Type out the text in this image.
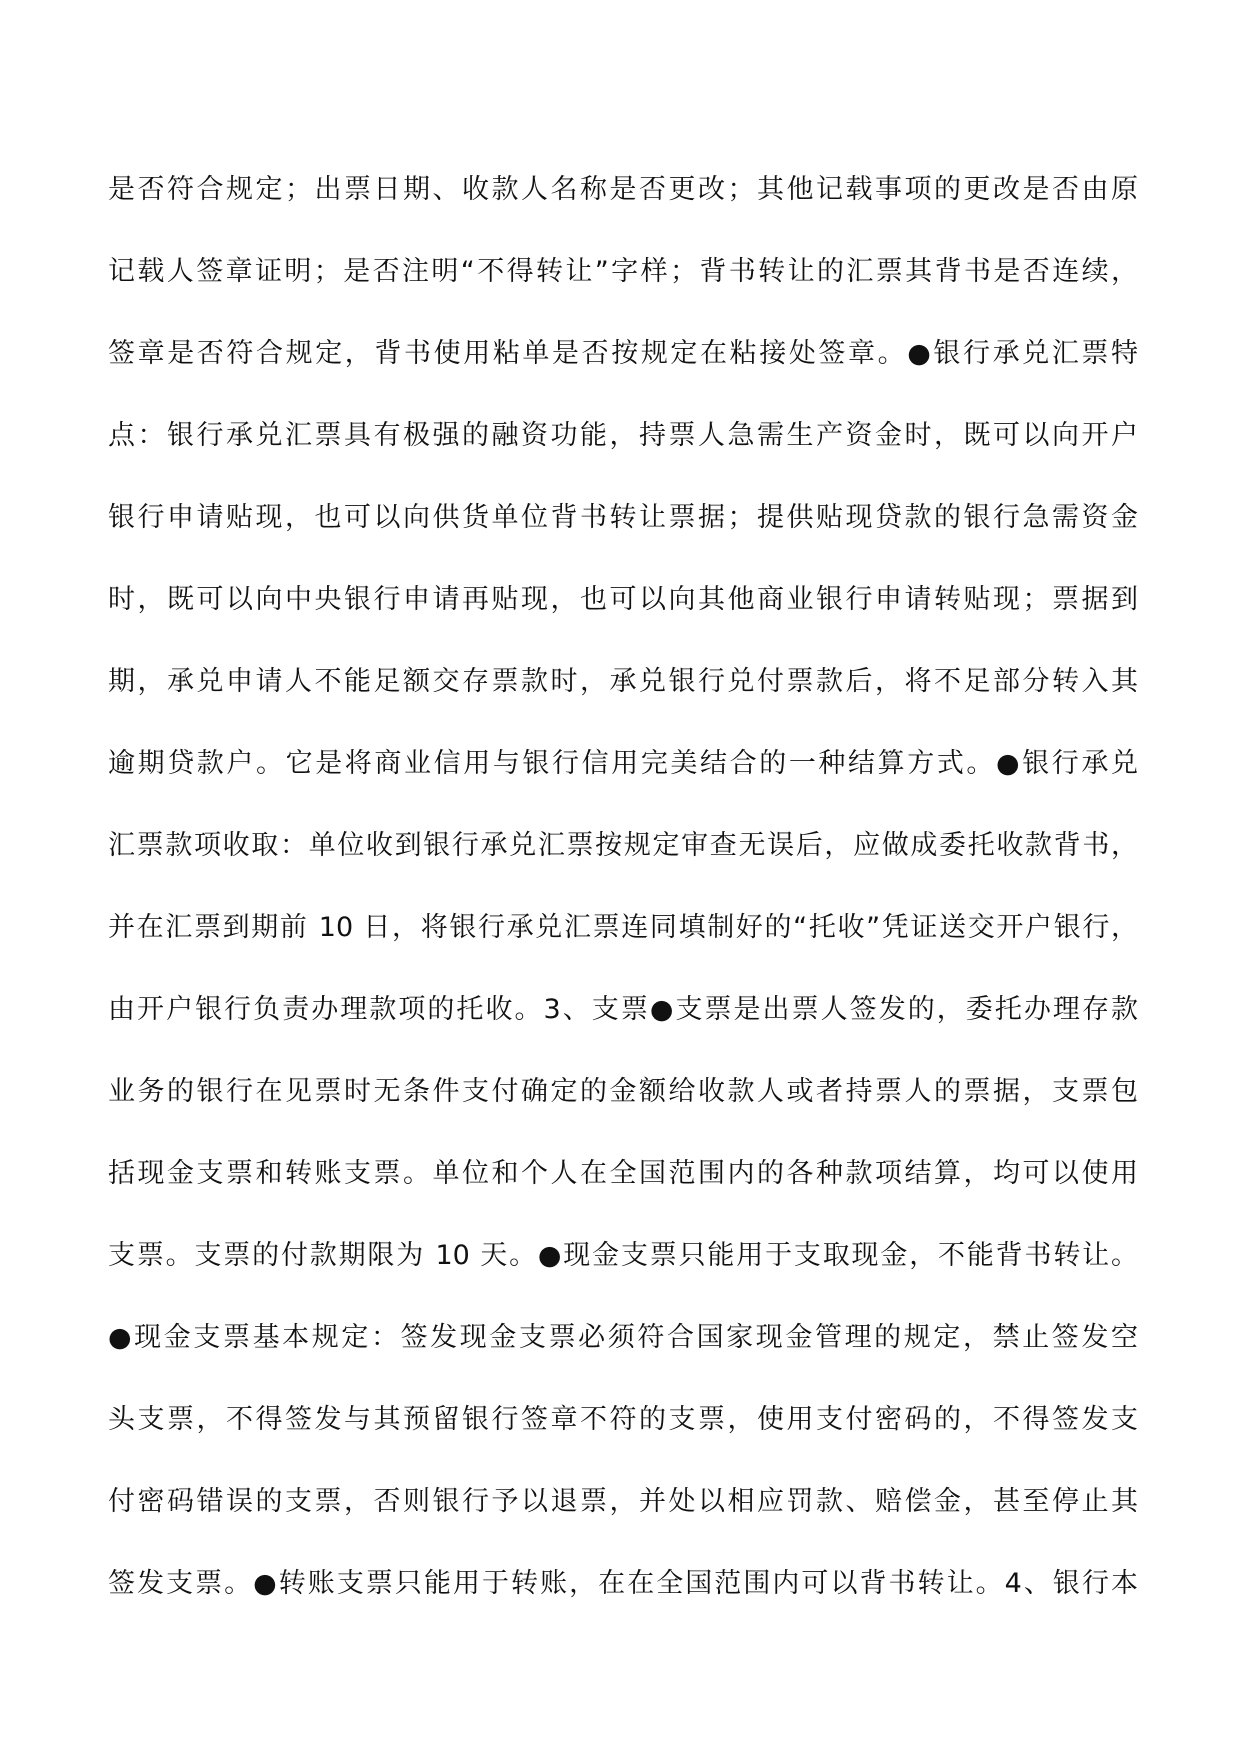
是否符合规定；出票日期、收款人名称是否更改；其他记载事项的更改是否由原
记载人签章证明；是否注明“不得转让”字样；背书转让的汇票其背书是否连续，
签章是否符合规定，背书使用粘单是否按规定在粘接处签章。●银行承兑汇票特
点：银行承兑汇票具有极强的融资功能，持票人急需生产资金时，既可以向开户
银行申请贴现，也可以向供货单位背书转让票据；提供贴现贷款的银行急需资金
时，既可以向中央银行申请再贴现，也可以向其他商业银行申请转贴现；票据到
期，承兑申请人不能足额交存票款时，承兑银行兑付票款后，将不足部分转入其
逾期贷款户。它是将商业信用与银行信用完美结合的一种结算方式。●银行承兑
汇票款项收取：单位收到银行承兑汇票按规定审查无误后，应做成委托收款背书，
并在汇票到期前 10 日，将银行承兑汇票连同填制好的“托收”凭证送交开户银行，
由开户银行负责办理款项的托收。3、支票●支票是出票人签发的，委托办理存款
业务的银行在见票时无条件支付确定的金额给收款人或者持票人的票据，支票包
括现金支票和转账支票。单位和个人在全国范围内的各种款项结算，均可以使用
支票。支票的付款期限为 10 天。●现金支票只能用于支取现金，不能背书转让。
●现金支票基本规定：签发现金支票必须符合国家现金管理的规定，禁止签发空
头支票，不得签发与其预留银行签章不符的支票，使用支付密码的，不得签发支
付密码错误的支票，否则银行予以退票，并处以相应罚款、赔偿金，甚至停止其
签发支票。●转账支票只能用于转账，在在全国范围内可以背书转让。4、银行本
